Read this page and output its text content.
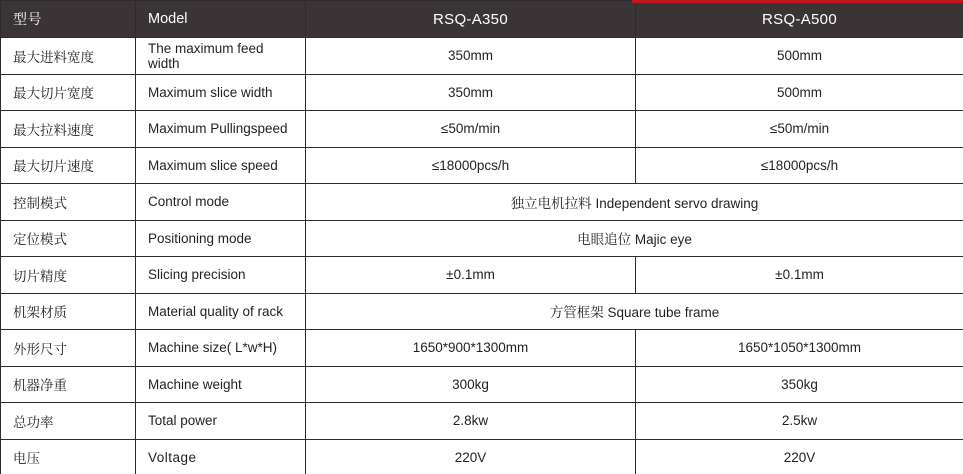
型号	Model	RSQ-A350	RSQ-A500
最大进料宽度	The maximum feed width	350mm	500mm
最大切片宽度	Maximum slice width	350mm	500mm
最大拉料速度	Maximum Pullingspeed	≤50m/min	≤50m/min
最大切片速度	Maximum slice speed	≤18000pcs/h	≤18000pcs/h
控制模式	Control mode	独立电机拉料 Independent servo drawing	
定位模式	Positioning mode	电眼追位 Majic eye	
切片精度	Slicing precision	±0.1mm	±0.1mm
机架材质	Material quality of rack	方管框架 Square tube frame	
外形尺寸	Machine size( L*w*H)	1650*900*1300mm	1650*1050*1300mm
机器净重	Machine weight	300kg	350kg
总功率	Total power	2.8kw	2.5kw
电压	Voltage	220V	220V
